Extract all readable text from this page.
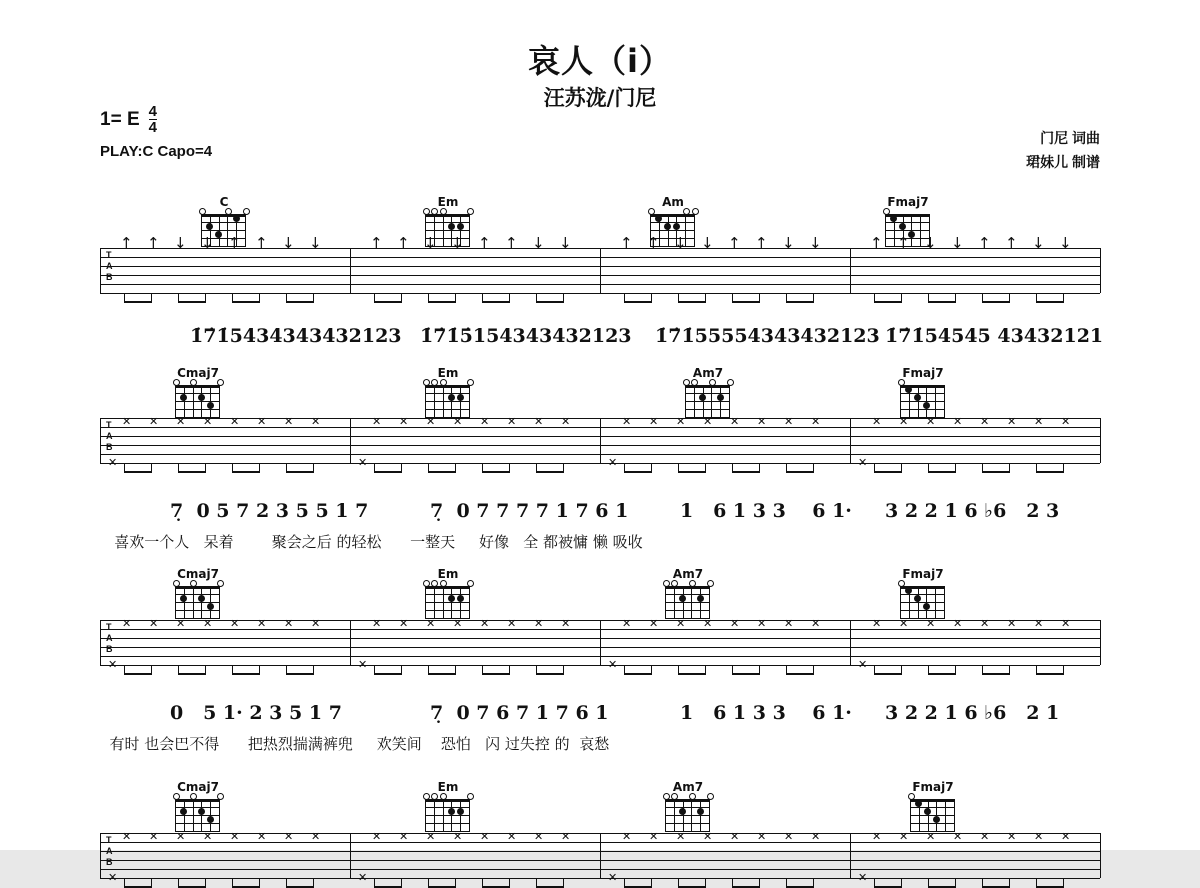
哀人（i）
汪苏泷/门尼
1= E 4
4
PLAY:C Capo=4
门尼 词曲
珺妹儿 制谱
C	Em	Am	Fmaj7
T
A
B
↑ ↑ ↓ ↓ ↑ ↑ ↓ ↓	↑ ↑ ↓ ↓ ↑ ↑ ↓ ↓	↑ ↑ ↓ ↓ ↑ ↑ ↓ ↓	↑ ↑ ↓ ↓ ↑ ↑ ↓ ↓
1̇7̇1̇5434343432123 1̇7̇1̇5̇154343432123 1̇7̇1̇55554343432123 1̇7̇1̇54545 43432121
Cmaj7	Em	Am7	Fmaj7
T
A
B
✕ ✕ ✕ ✕ ✕ ✕ ✕ ✕
✕
✕ ✕ ✕ ✕ ✕ ✕ ✕ ✕
✕
✕ ✕ ✕ ✕ ✕ ✕ ✕ ✕
✕
✕ ✕ ✕ ✕ ✕ ✕ ✕ ✕
✕
7̣  0 5 7 2 3 5 5 1 7	7̣  0 7 7 7 7 1 7 6 1	1   6 1 3 3    6 1· 3 2 2 1 6 ♭6   2 3
喜欢一个人   呆着        聚会之后 的轻松      一整天     好像   全 都被慵 懒 吸收
Cmaj7	Em	Am7	Fmaj7
T
A
B
✕ ✕ ✕ ✕ ✕ ✕ ✕ ✕
✕
✕ ✕ ✕ ✕ ✕ ✕ ✕ ✕
✕
✕ ✕ ✕ ✕ ✕ ✕ ✕ ✕
✕
✕ ✕ ✕ ✕ ✕ ✕ ✕ ✕
✕
0   5 1· 2 3 5 1 7	7̣  0 7 6 7 1 7 6 1	1   6 1 3 3    6 1· 3 2 2 1 6 ♭6   2 1
有时 也会巴不得      把热烈揣满裤兜     欢笑间    恐怕   闪 过失控 的  哀愁
Cmaj7	Em	Am7	Fmaj7
T
A
B
✕ ✕ ✕ ✕ ✕ ✕ ✕ ✕
✕
✕ ✕ ✕ ✕ ✕ ✕ ✕ ✕
✕
✕ ✕ ✕ ✕ ✕ ✕ ✕ ✕
✕
✕ ✕ ✕ ✕ ✕ ✕ ✕ ✕
✕
